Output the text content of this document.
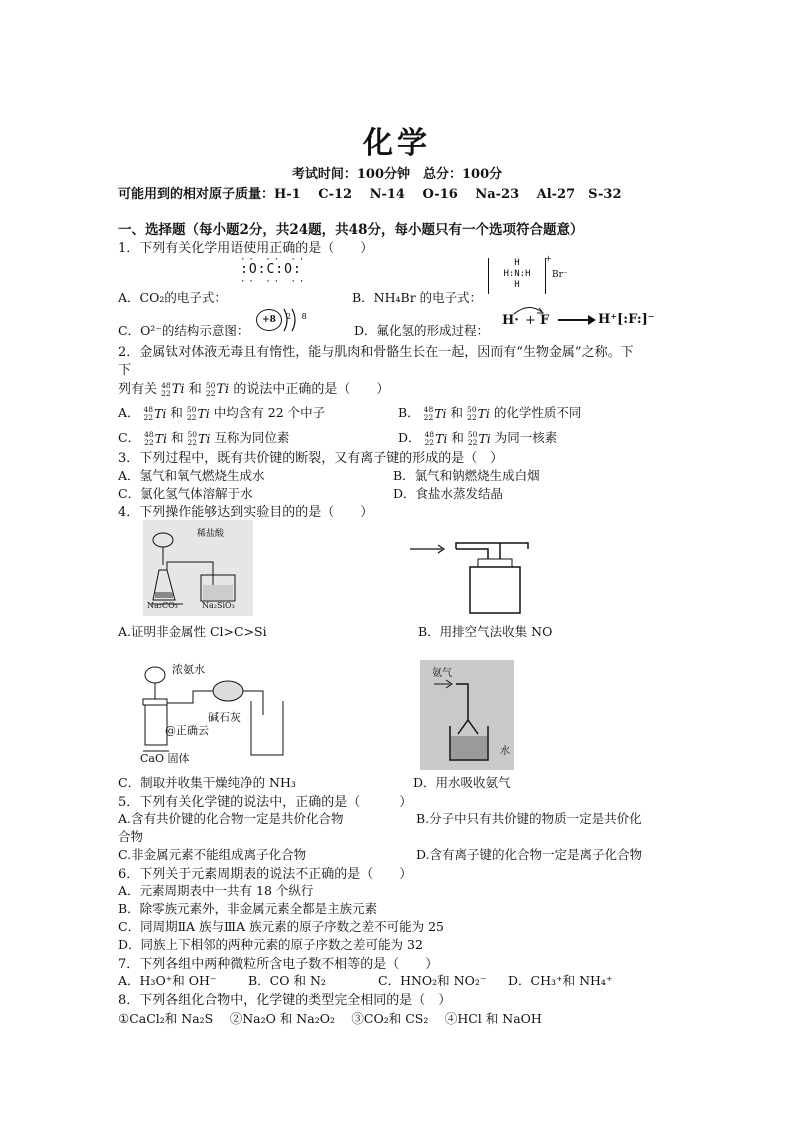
化学
考试时间：100分钟　总分：100分
可能用到的相对原子质量：H-1　 C-12　 N-14　 O-16　 Na-23　 Al-27　S-32
一、选择题（每小题2分，共24题，共48分，每小题只有一个选项符合题意）
1．下列有关化学用语使用正确的是（　　）
:O:C:O:
·· ·· ··
·· ·· ··
A．CO₂的电子式：	B．NH₄Br 的电子式：
H
H:N:H
H
+
Br⁻
C．O²⁻的结构示意图：
+8	2 8
D．氟化氢的形成过程：
H· + F	H⁺[:F:]⁻
2．金属钛对体液无毒且有惰性，能与肌肉和骨骼生长在一起，因而有“生物金属”之称。下
下
列有关 48
22 Ti 和 50
22 Ti 的说法中正确的是（　　）
A． 48
22 Ti 和 50
22 Ti 中均含有 22 个中子	B． 48
22 Ti 和 50
22 Ti 的化学性质不同
C． 48
22 Ti 和 50
22 Ti 互称为同位素	D． 48
22 Ti 和 50
22 Ti 为同一核素
3．下列过程中，既有共价键的断裂，又有离子键的形成的是（　）
A．氢气和氧气燃烧生成水	B．氯气和钠燃烧生成白烟
C．氯化氢气体溶解于水	D．食盐水蒸发结晶
4．下列操作能够达到实验目的的是（　　）
稀盐酸
Na₂CO₃	Na₂SiO₃
A.证明非金属性 Cl>C>Si	B．用排空气法收集 NO
浓氨水
碱石灰
@正确云
CaO 固体
氨气
水
C．制取并收集干燥纯净的 NH₃	D．用水吸收氨气
5．下列有关化学键的说法中，正确的是（　　　）
A.含有共价键的化合物一定是共价化合物	B.分子中只有共价键的物质一定是共价化
合物
C.非金属元素不能组成离子化合物	D.含有离子键的化合物一定是离子化合物
6．下列关于元素周期表的说法不正确的是（　　）
A．元素周期表中一共有 18 个纵行
B．除零族元素外，非金属元素全都是主族元素
C．同周期ⅡA 族与ⅢA 族元素的原子序数之差不可能为 25
D．同族上下相邻的两种元素的原子序数之差可能为 32
7．下列各组中两种微粒所含电子数不相等的是（　　）
A．H₃O⁺和 OH⁻	B．CO 和 N₂	C．HNO₂和 NO₂⁻ D．CH₃⁺和 NH₄⁺
8．下列各组化合物中，化学键的类型完全相同的是（　）
①CaCl₂和 Na₂S　 ②Na₂O 和 Na₂O₂　 ③CO₂和 CS₂　 ④HCl 和 NaOH
